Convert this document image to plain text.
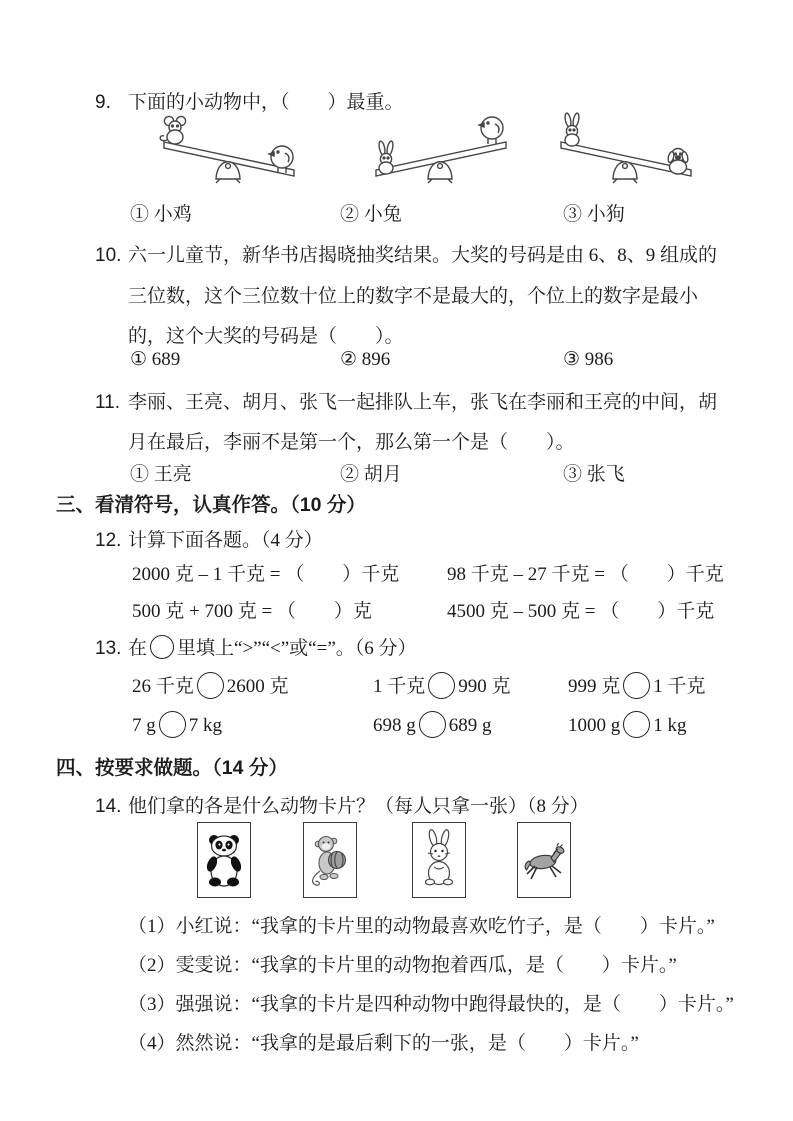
9. 下面的小动物中，（　　）最重。
① 小鸡	② 小兔	③ 小狗
10. 六一儿童节，新华书店揭晓抽奖结果。大奖的号码是由 6、8、9 组成的
三位数，这个三位数十位上的数字不是最大的，个位上的数字是最小
的，这个大奖的号码是（　　）。
① 689	② 896	③ 986
11. 李丽、王亮、胡月、张飞一起排队上车，张飞在李丽和王亮的中间，胡
月在最后，李丽不是第一个，那么第一个是（　　）。
① 王亮	② 胡月	③ 张飞
三、看清符号，认真作答。（10 分）
12. 计算下面各题。（4 分）
2000 克 – 1 千克 = （　　）千克	98 千克 – 27 千克 = （　　）千克
500 克 + 700 克 = （　　）克	4500 克 – 500 克 = （　　）千克
13. 在 里填上“>”“<”或“=”。（6 分）
26 千克 2600 克	1 千克 990 克	999 克 1 千克
7 g 7 kg	698 g 689 g	1000 g 1 kg
四、按要求做题。（14 分）
14. 他们拿的各是什么动物卡片？（每人只拿一张）（8 分）
（1）小红说：“我拿的卡片里的动物最喜欢吃竹子，是（　　）卡片。”
（2）雯雯说：“我拿的卡片里的动物抱着西瓜，是（　　）卡片。”
（3）强强说：“我拿的卡片是四种动物中跑得最快的，是（　　）卡片。”
（4）然然说：“我拿的是最后剩下的一张，是（　　）卡片。”
